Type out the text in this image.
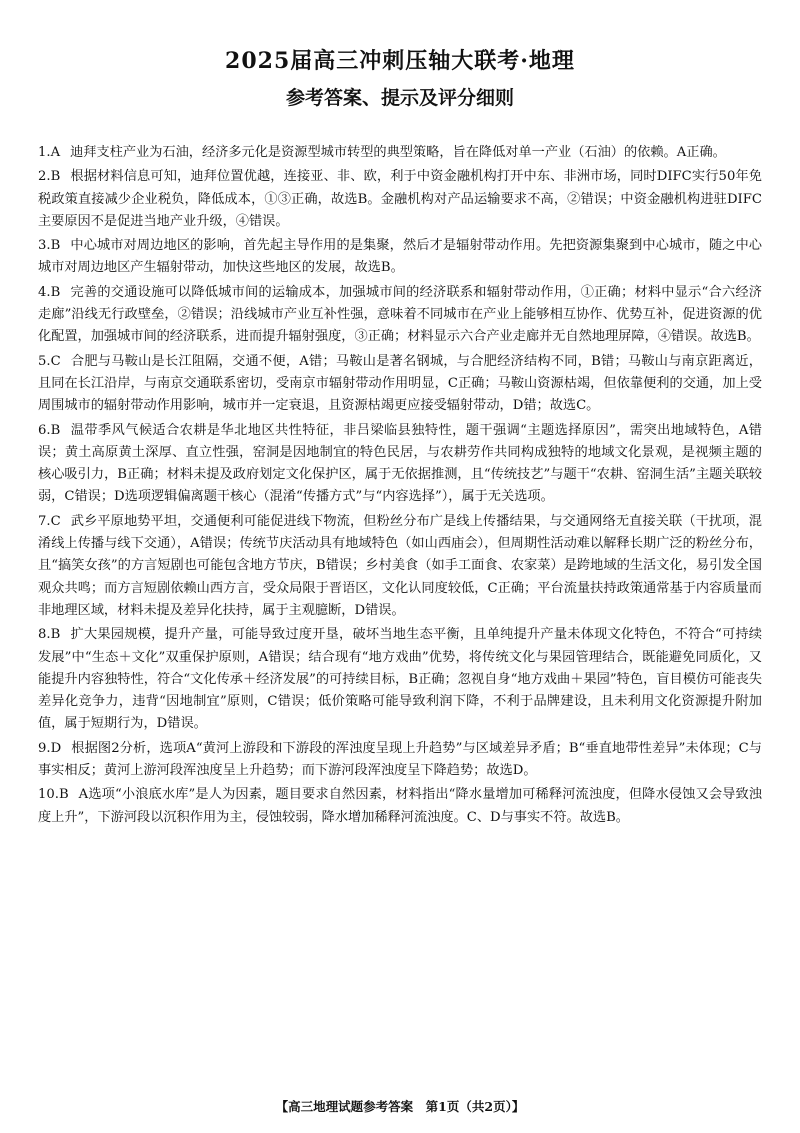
2025届高三冲刺压轴大联考·地理
参考答案、提示及评分细则

1.A 迪拜支柱产业为石油，经济多元化是资源型城市转型的典型策略，旨在降低对单一产业（石油）的依赖。A正确。

2.B 根据材料信息可知，迪拜位置优越，连接亚、非、欧，利于中资金融机构打开中东、非洲市场，同时DIFC实行50年免税政策直接减少企业税负，降低成本，①③正确，故选B。金融机构对产品运输要求不高，②错误；中资金融机构进驻DIFC主要原因不是促进当地产业升级，④错误。

3.B 中心城市对周边地区的影响，首先起主导作用的是集聚，然后才是辐射带动作用。先把资源集聚到中心城市，随之中心城市对周边地区产生辐射带动，加快这些地区的发展，故选B。

4.B 完善的交通设施可以降低城市间的运输成本，加强城市间的经济联系和辐射带动作用，①正确；材料中显示“合六经济走廊”沿线无行政壁垒，②错误；沿线城市产业互补性强，意味着不同城市在产业上能够相互协作、优势互补，促进资源的优化配置，加强城市间的经济联系，进而提升辐射强度，③正确；材料显示六合产业走廊并无自然地理屏障，④错误。故选B。

5.C 合肥与马鞍山是长江阻隔，交通不便，A错；马鞍山是著名钢城，与合肥经济结构不同，B错；马鞍山与南京距离近，且同在长江沿岸，与南京交通联系密切，受南京市辐射带动作用明显，C正确；马鞍山资源枯竭，但依靠便利的交通，加上受周围城市的辐射带动作用影响，城市并一定衰退，且资源枯竭更应接受辐射带动，D错；故选C。

6.B 温带季风气候适合农耕是华北地区共性特征，非吕梁临县独特性，题干强调“主题选择原因”，需突出地域特色，A错误；黄土高原黄土深厚、直立性强，窑洞是因地制宜的特色民居，与农耕劳作共同构成独特的地域文化景观，是视频主题的核心吸引力，B正确；材料未提及政府划定文化保护区，属于无依据推测，且“传统技艺”与题干“农耕、窑洞生活”主题关联较弱，C错误；D选项逻辑偏离题干核心（混淆“传播方式”与“内容选择”），属于无关选项。

7.C 武乡平原地势平坦，交通便利可能促进线下物流，但粉丝分布广是线上传播结果，与交通网络无直接关联（干扰项，混淆线上传播与线下交通），A错误；传统节庆活动具有地域特色（如山西庙会），但周期性活动难以解释长期广泛的粉丝分布，且“搞笑女孩”的方言短剧也可能包含地方节庆，B错误；乡村美食（如手工面食、农家菜）是跨地域的生活文化，易引发全国观众共鸣；而方言短剧依赖山西方言，受众局限于晋语区，文化认同度较低，C正确；平台流量扶持政策通常基于内容质量而非地理区域，材料未提及差异化扶持，属于主观臆断，D错误。

8.B 扩大果园规模，提升产量，可能导致过度开垦，破坏当地生态平衡，且单纯提升产量未体现文化特色，不符合“可持续发展”中“生态＋文化”双重保护原则，A错误；结合现有“地方戏曲”优势，将传统文化与果园管理结合，既能避免同质化，又能提升内容独特性，符合“文化传承＋经济发展”的可持续目标，B正确；忽视自身“地方戏曲＋果园”特色，盲目模仿可能丧失差异化竞争力，违背“因地制宜”原则，C错误；低价策略可能导致利润下降，不利于品牌建设，且未利用文化资源提升附加值，属于短期行为，D错误。

9.D 根据图2分析，选项A“黄河上游段和下游段的浑浊度呈现上升趋势”与区域差异矛盾；B“垂直地带性差异”未体现；C与事实相反；黄河上游河段浑浊度呈上升趋势；而下游河段浑浊度呈下降趋势；故选D。

10.B A选项“小浪底水库”是人为因素，题目要求自然因素，材料指出“降水量增加可稀释河流浊度，但降水侵蚀又会导致浊度上升”，下游河段以沉积作用为主，侵蚀较弱，降水增加稀释河流浊度。C、D与事实不符。故选B。

【高三地理试题参考答案　第1页（共2页）】
